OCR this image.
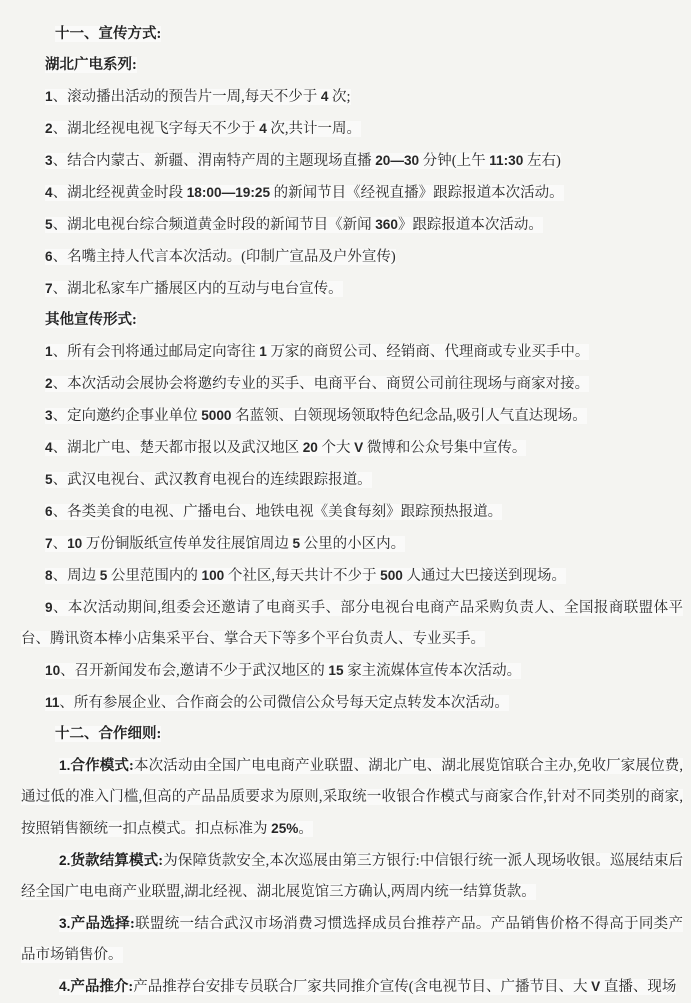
十一、宣传方式:

湖北广电系列:

1、滚动播出活动的预告片一周,每天不少于 4 次;

2、湖北经视电视飞字每天不少于 4 次,共计一周。

3、结合内蒙古、新疆、渭南特产周的主题现场直播 20—30 分钟(上午 11:30 左右)

4、湖北经视黄金时段 18:00—19:25 的新闻节目《经视直播》跟踪报道本次活动。

5、湖北电视台综合频道黄金时段的新闻节目《新闻 360》跟踪报道本次活动。

6、名嘴主持人代言本次活动。(印制广宣品及户外宣传)

7、湖北私家车广播展区内的互动与电台宣传。

其他宣传形式:

1、所有会刊将通过邮局定向寄往 1 万家的商贸公司、经销商、代理商或专业买手中。

2、本次活动会展协会将邀约专业的买手、电商平台、商贸公司前往现场与商家对接。

3、定向邀约企事业单位 5000 名蓝领、白领现场领取特色纪念品,吸引人气直达现场。

4、湖北广电、楚天都市报以及武汉地区 20 个大 V 微博和公众号集中宣传。

5、武汉电视台、武汉教育电视台的连续跟踪报道。

6、各类美食的电视、广播电台、地铁电视《美食每刻》跟踪预热报道。

7、10 万份铜版纸宣传单发往展馆周边 5 公里的小区内。

8、周边 5 公里范围内的 100 个社区,每天共计不少于 500 人通过大巴接送到现场。

9、本次活动期间,组委会还邀请了电商买手、部分电视台电商产品采购负责人、全国报商联盟体平台、腾讯资本棒小店集采平台、掌合天下等多个平台负责人、专业买手。

10、召开新闻发布会,邀请不少于武汉地区的 15 家主流媒体宣传本次活动。

11、所有参展企业、合作商会的公司微信公众号每天定点转发本次活动。

十二、合作细则:

1.合作模式:本次活动由全国广电电商产业联盟、湖北广电、湖北展览馆联合主办,免收厂家展位费,通过低的准入门槛,但高的产品品质要求为原则,采取统一收银合作模式与商家合作,针对不同类别的商家,按照销售额统一扣点模式。扣点标准为 25%。

2.货款结算模式:为保障货款安全,本次巡展由第三方银行:中信银行统一派人现场收银。巡展结束后经全国广电电商产业联盟,湖北经视、湖北展览馆三方确认,两周内统一结算货款。

3.产品选择:联盟统一结合武汉市场消费习惯选择成员台推荐产品。产品销售价格不得高于同类产品市场销售价。

4.产品推介:产品推荐台安排专员联合厂家共同推介宣传(含电视节目、广播节目、大 V 直播、现场
